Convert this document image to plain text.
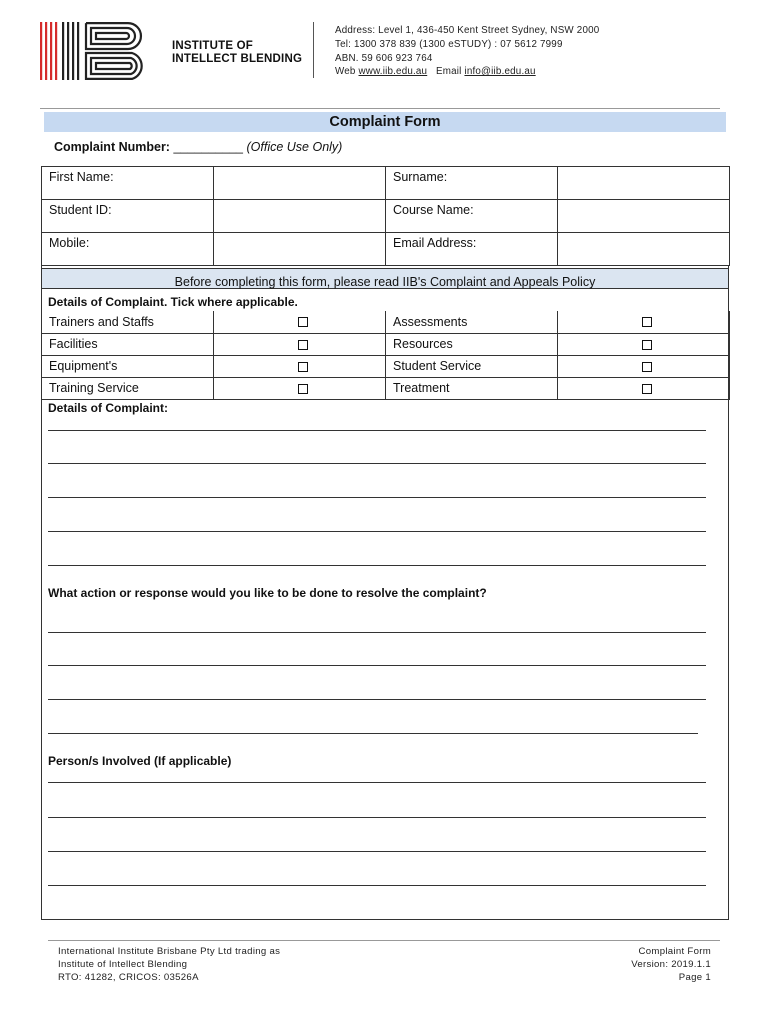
INSTITUTE OF
INTELLECT BLENDING
Address: Level 1, 436-450 Kent Street Sydney, NSW 2000
Tel: 1300 378 839 (1300 eSTUDY) : 07 5612 7999
ABN. 59 606 923 764
Web www.iib.edu.au Email info@iib.edu.au
Complaint Form
Complaint Number: __________ (Office Use Only)
First Name:		Surname:	
Student ID:		Course Name:	
Mobile:		Email Address:	
Before completing this form, please read IIB's Complaint and Appeals Policy
Details of Complaint. Tick where applicable.
Trainers and Staffs		Assessments	
Facilities		Resources	
Equipment's		Student Service	
Training Service		Treatment	
Details of Complaint:
What action or response would you like to be done to resolve the complaint?
Person/s Involved (If applicable)
International Institute Brisbane Pty Ltd trading as
Institute of Intellect Blending
RTO: 41282, CRICOS: 03526A
Complaint Form
Version: 2019.1.1
Page 1
